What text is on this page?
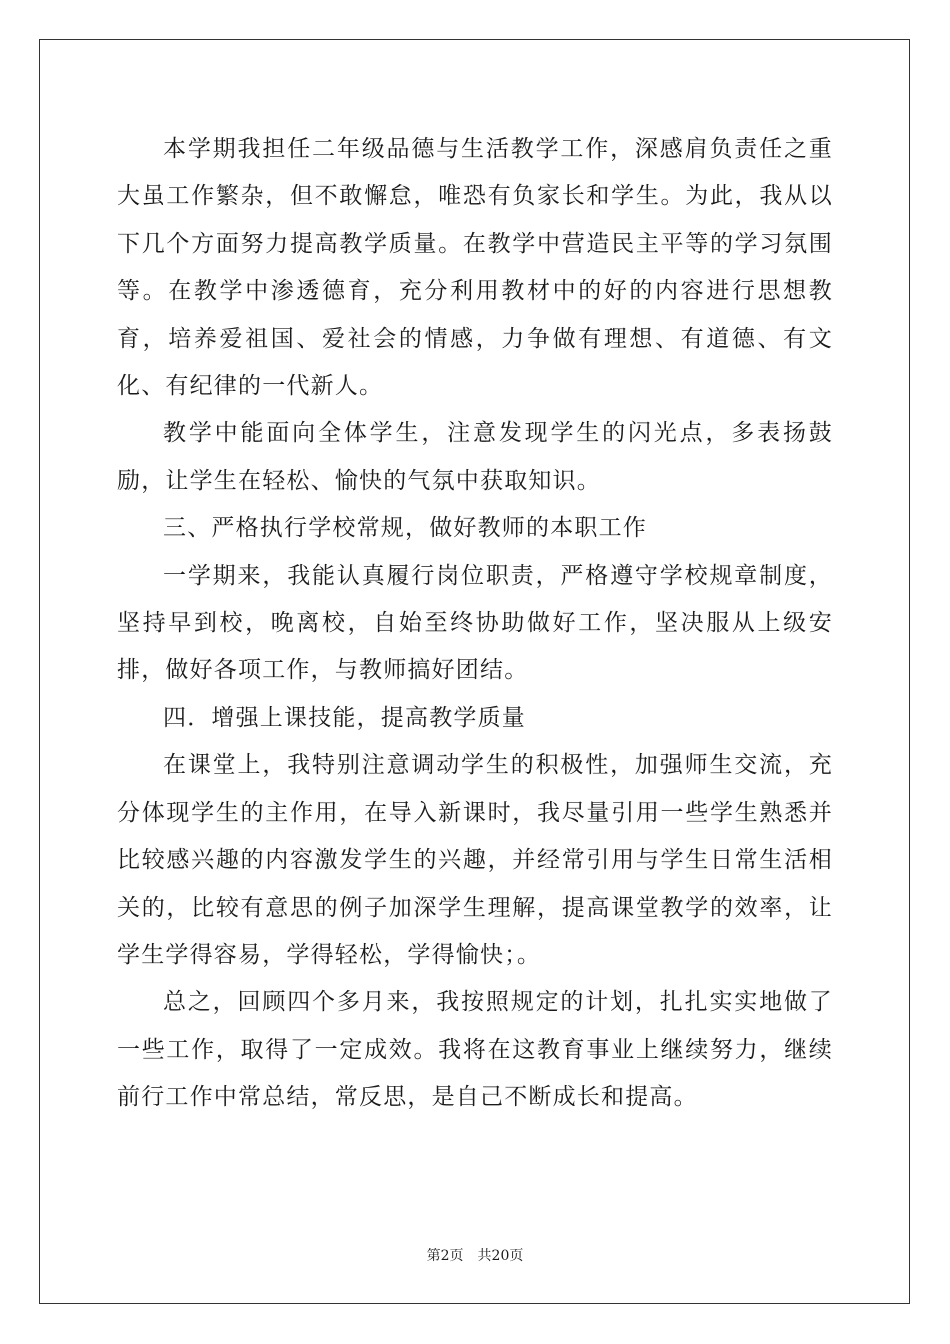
本学期我担任二年级品德与生活教学工作，深感肩负责任之重大虽工作繁杂，但不敢懈怠，唯恐有负家长和学生。为此，我从以下几个方面努力提高教学质量。在教学中营造民主平等的学习氛围等。在教学中渗透德育，充分利用教材中的好的内容进行思想教育，培养爱祖国、爱社会的情感，力争做有理想、有道德、有文化、有纪律的一代新人。

教学中能面向全体学生，注意发现学生的闪光点，多表扬鼓励，让学生在轻松、愉快的气氛中获取知识。

三、严格执行学校常规，做好教师的本职工作

一学期来，我能认真履行岗位职责，严格遵守学校规章制度，坚持早到校，晚离校，自始至终协助做好工作，坚决服从上级安排，做好各项工作，与教师搞好团结。

四．增强上课技能，提高教学质量

在课堂上，我特别注意调动学生的积极性，加强师生交流，充分体现学生的主作用，在导入新课时，我尽量引用一些学生熟悉并比较感兴趣的内容激发学生的兴趣，并经常引用与学生日常生活相关的，比较有意思的例子加深学生理解，提高课堂教学的效率，让学生学得容易，学得轻松，学得愉快；。

总之，回顾四个多月来，我按照规定的计划，扎扎实实地做了一些工作，取得了一定成效。我将在这教育事业上继续努力，继续前行工作中常总结，常反思，是自己不断成长和提高。

第2页　共20页
